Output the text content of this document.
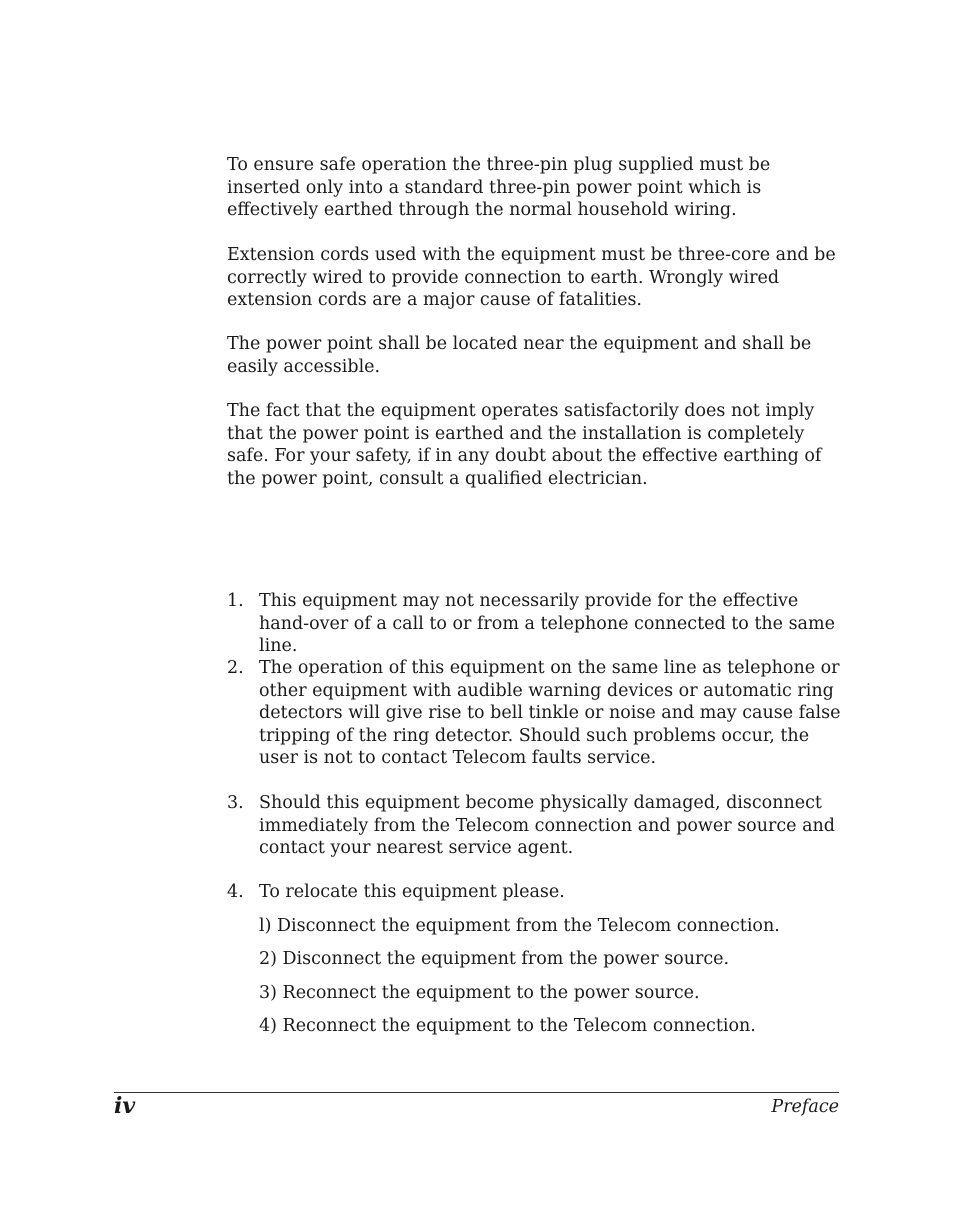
To ensure safe operation the three-pin plug supplied must be inserted only into a standard three-pin power point which is effectively earthed through the normal household wiring.

Extension cords used with the equipment must be three-core and be correctly wired to provide connection to earth. Wrongly wired extension cords are a major cause of fatalities.

The power point shall be located near the equipment and shall be easily accessible.

The fact that the equipment operates satisfactorily does not imply that the power point is earthed and the installation is completely safe. For your safety, if in any doubt about the effective earthing of the power point, consult a qualified electrician.

1. This equipment may not necessarily provide for the effective hand-over of a call to or from a telephone connected to the same line.
2. The operation of this equipment on the same line as telephone or other equipment with audible warning devices or automatic ring detectors will give rise to bell tinkle or noise and may cause false tripping of the ring detector. Should such problems occur, the user is not to contact Telecom faults service.
3. Should this equipment become physically damaged, disconnect immediately from the Telecom connection and power source and contact your nearest service agent.
4. To relocate this equipment please.
l) Disconnect the equipment from the Telecom connection.
2) Disconnect the equipment from the power source.
3) Reconnect the equipment to the power source.
4) Reconnect the equipment to the Telecom connection.
iv	Preface
